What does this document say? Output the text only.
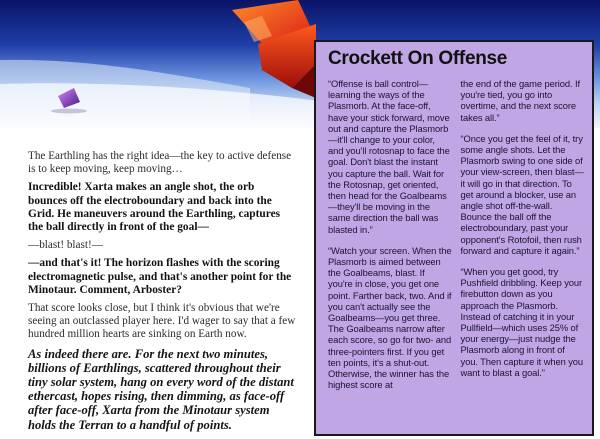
The Earthling has the right idea—the key to active defense is to keep moving, keep moving…

Incredible! Xarta makes an angle shot, the orb bounces off the electroboundary and back into the Grid. He maneuvers around the Earthling, captures the ball directly in front of the goal—

—blast! blast!—

—and that's it! The horizon flashes with the scoring electromagnetic pulse, and that's another point for the Minotaur. Comment, Arboster?

That score looks close, but I think it's obvious that we're seeing an outclassed player here. I'd wager to say that a few hundred million hearts are sinking on Earth now.

As indeed there are. For the next two minutes, billions of Earthlings, scattered throughout their tiny solar system, hang on every word of the distant ethercast, hopes rising, then dimming, as face-off after face-off, Xarta from the Minotaur system holds the Terran to a handful of points.

Crockett On Offense

“Offense is ball control—learning the ways of the Plasmorb. At the face-off, have your stick forward, move out and capture the Plasmorb—it'll change to your color, and you'll rotosnap to face the goal. Don't blast the instant you capture the ball. Wait for the Rotosnap, get oriented, then head for the Goalbeams—they'll be moving in the same direction the ball was blasted in.”

“Watch your screen. When the Plasmorb is aimed between the Goalbeams, blast. If you're in close, you get one point. Farther back, two. And if you can't actually see the Goalbeams—you get three. The Goalbeams narrow after each score, so go for two- and three-pointers first. If you get ten points, it's a shut-out. Otherwise, the winner has the highest score at

the end of the game period. If you're tied, you go into overtime, and the next score takes all.”

“Once you get the feel of it, try some angle shots. Let the Plasmorb swing to one side of your view-screen, then blast—it will go in that direction. To get around a blocker, use an angle shot off-the-wall. Bounce the ball off the electroboundary, past your opponent's Rotofoil, then rush forward and capture it again.”

“When you get good, try Pushfield dribbling. Keep your firebutton down as you approach the Plasmorb. Instead of catching it in your Pullfield—which uses 25% of your energy—just nudge the Plasmorb along in front of you. Then capture it when you want to blast a goal.”
